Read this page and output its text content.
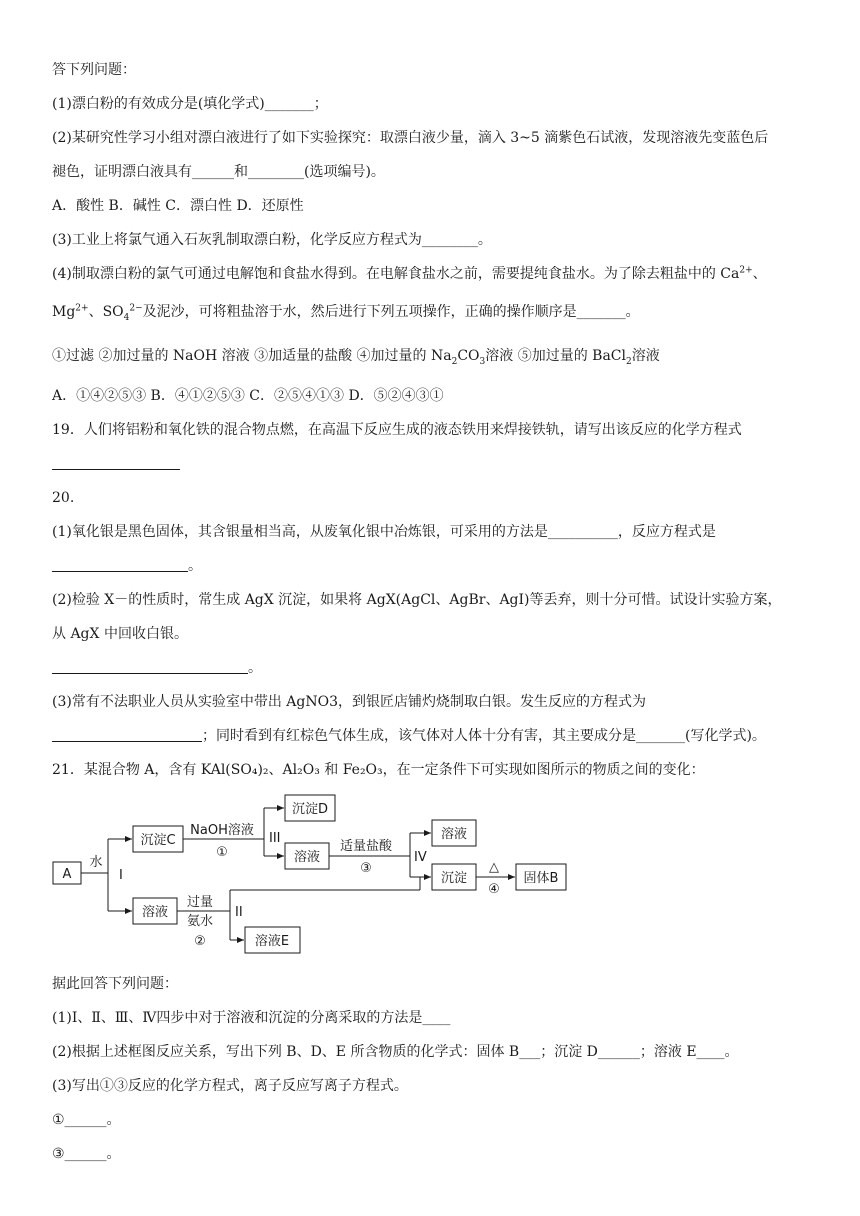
答下列问题：
(1)漂白粉的有效成分是(填化学式)_______；
(2)某研究性学习小组对漂白液进行了如下实验探究：取漂白液少量，滴入 3~5 滴紫色石试液，发现溶液先变蓝色后
褪色，证明漂白液具有______和________(选项编号)。
A．酸性 B．碱性 C．漂白性 D．还原性
(3)工业上将氯气通入石灰乳制取漂白粉，化学反应方程式为________。
(4)制取漂白粉的氯气可通过电解饱和食盐水得到。在电解食盐水之前，需要提纯食盐水。为了除去粗盐中的 $Ca^{2+}$、
$Mg^{2+}$、$SO_4^{2-}$及泥沙，可将粗盐溶于水，然后进行下列五项操作，正确的操作顺序是_______。
①过滤 ②加过量的 NaOH 溶液 ③加适量的盐酸 ④加过量的 $Na_2CO_3$溶液 ⑤加过量的 BaCl$_2$溶液
A．①④②⑤③ B．④①②⑤③ C．②⑤④①③ D．⑤②④③①
19．人们将铝粉和氧化铁的混合物点燃，在高温下反应生成的液态铁用来焊接铁轨，请写出该反应的化学方程式
20.
(1)氧化银是黑色固体，其含银量相当高，从废氧化银中冶炼银，可采用的方法是__________，反应方程式是
。
(2)检验 X－的性质时，常生成 AgX 沉淀，如果将 AgX(AgCl、AgBr、AgI)等丢弃，则十分可惜。试设计实验方案，
从 AgX 中回收白银。
。
(3)常有不法职业人员从实验室中带出 AgNO3，到银匠店铺灼烧制取白银。发生反应的方程式为
；同时看到有红棕色气体生成，该气体对人体十分有害，其主要成分是_______(写化学式)。
21．某混合物 A，含有 KAl(SO₄)₂、Al₂O₃ 和 Fe₂O₃，在一定条件下可实现如图所示的物质之间的变化：
A
沉淀C
沉淀D
溶液
溶液
沉淀	固体B
溶液
溶液E
水
I
NaOH溶液
①
III
适量盐酸
③
IV
△
④
过量
氨水
②
II
据此回答下列问题：
(1)Ⅰ、Ⅱ、Ⅲ、Ⅳ四步中对于溶液和沉淀的分离采取的方法是____
(2)根据上述框图反应关系，写出下列 B、D、E 所含物质的化学式：固体 B___；沉淀 D______；溶液 E____。
(3)写出①③反应的化学方程式，离子反应写离子方程式。
①______。
③______。
